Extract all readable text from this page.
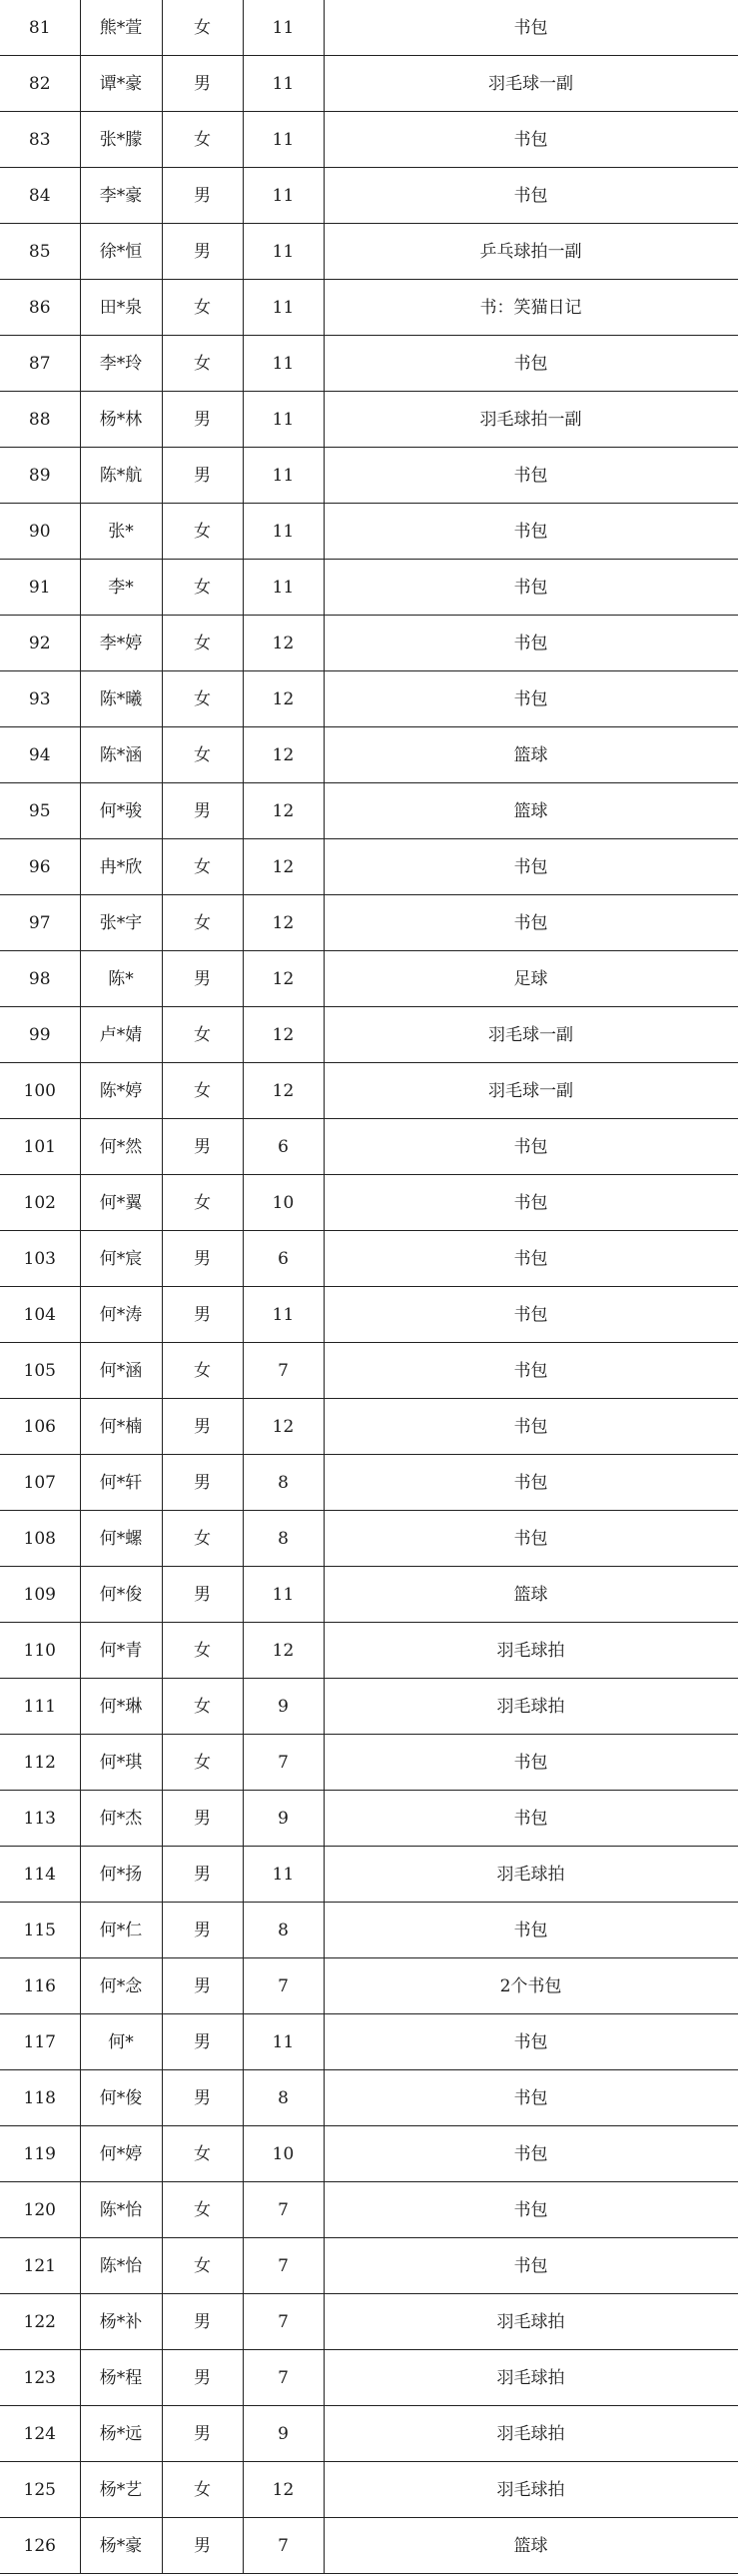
81	熊*萱	女	11	书包
82	谭*豪	男	11	羽毛球一副
83	张*朦	女	11	书包
84	李*豪	男	11	书包
85	徐*恒	男	11	乒乓球拍一副
86	田*泉	女	11	书：笑猫日记
87	李*玲	女	11	书包
88	杨*林	男	11	羽毛球拍一副
89	陈*航	男	11	书包
90	张*	女	11	书包
91	李*	女	11	书包
92	李*婷	女	12	书包
93	陈*曦	女	12	书包
94	陈*涵	女	12	篮球
95	何*骏	男	12	篮球
96	冉*欣	女	12	书包
97	张*宇	女	12	书包
98	陈*	男	12	足球
99	卢*婧	女	12	羽毛球一副
100	陈*婷	女	12	羽毛球一副
101	何*然	男	6	书包
102	何*翼	女	10	书包
103	何*宸	男	6	书包
104	何*涛	男	11	书包
105	何*涵	女	7	书包
106	何*楠	男	12	书包
107	何*轩	男	8	书包
108	何*螺	女	8	书包
109	何*俊	男	11	篮球
110	何*青	女	12	羽毛球拍
111	何*琳	女	9	羽毛球拍
112	何*琪	女	7	书包
113	何*杰	男	9	书包
114	何*扬	男	11	羽毛球拍
115	何*仁	男	8	书包
116	何*念	男	7	2个书包
117	何*	男	11	书包
118	何*俊	男	8	书包
119	何*婷	女	10	书包
120	陈*怡	女	7	书包
121	陈*怡	女	7	书包
122	杨*补	男	7	羽毛球拍
123	杨*程	男	7	羽毛球拍
124	杨*远	男	9	羽毛球拍
125	杨*艺	女	12	羽毛球拍
126	杨*豪	男	7	篮球
